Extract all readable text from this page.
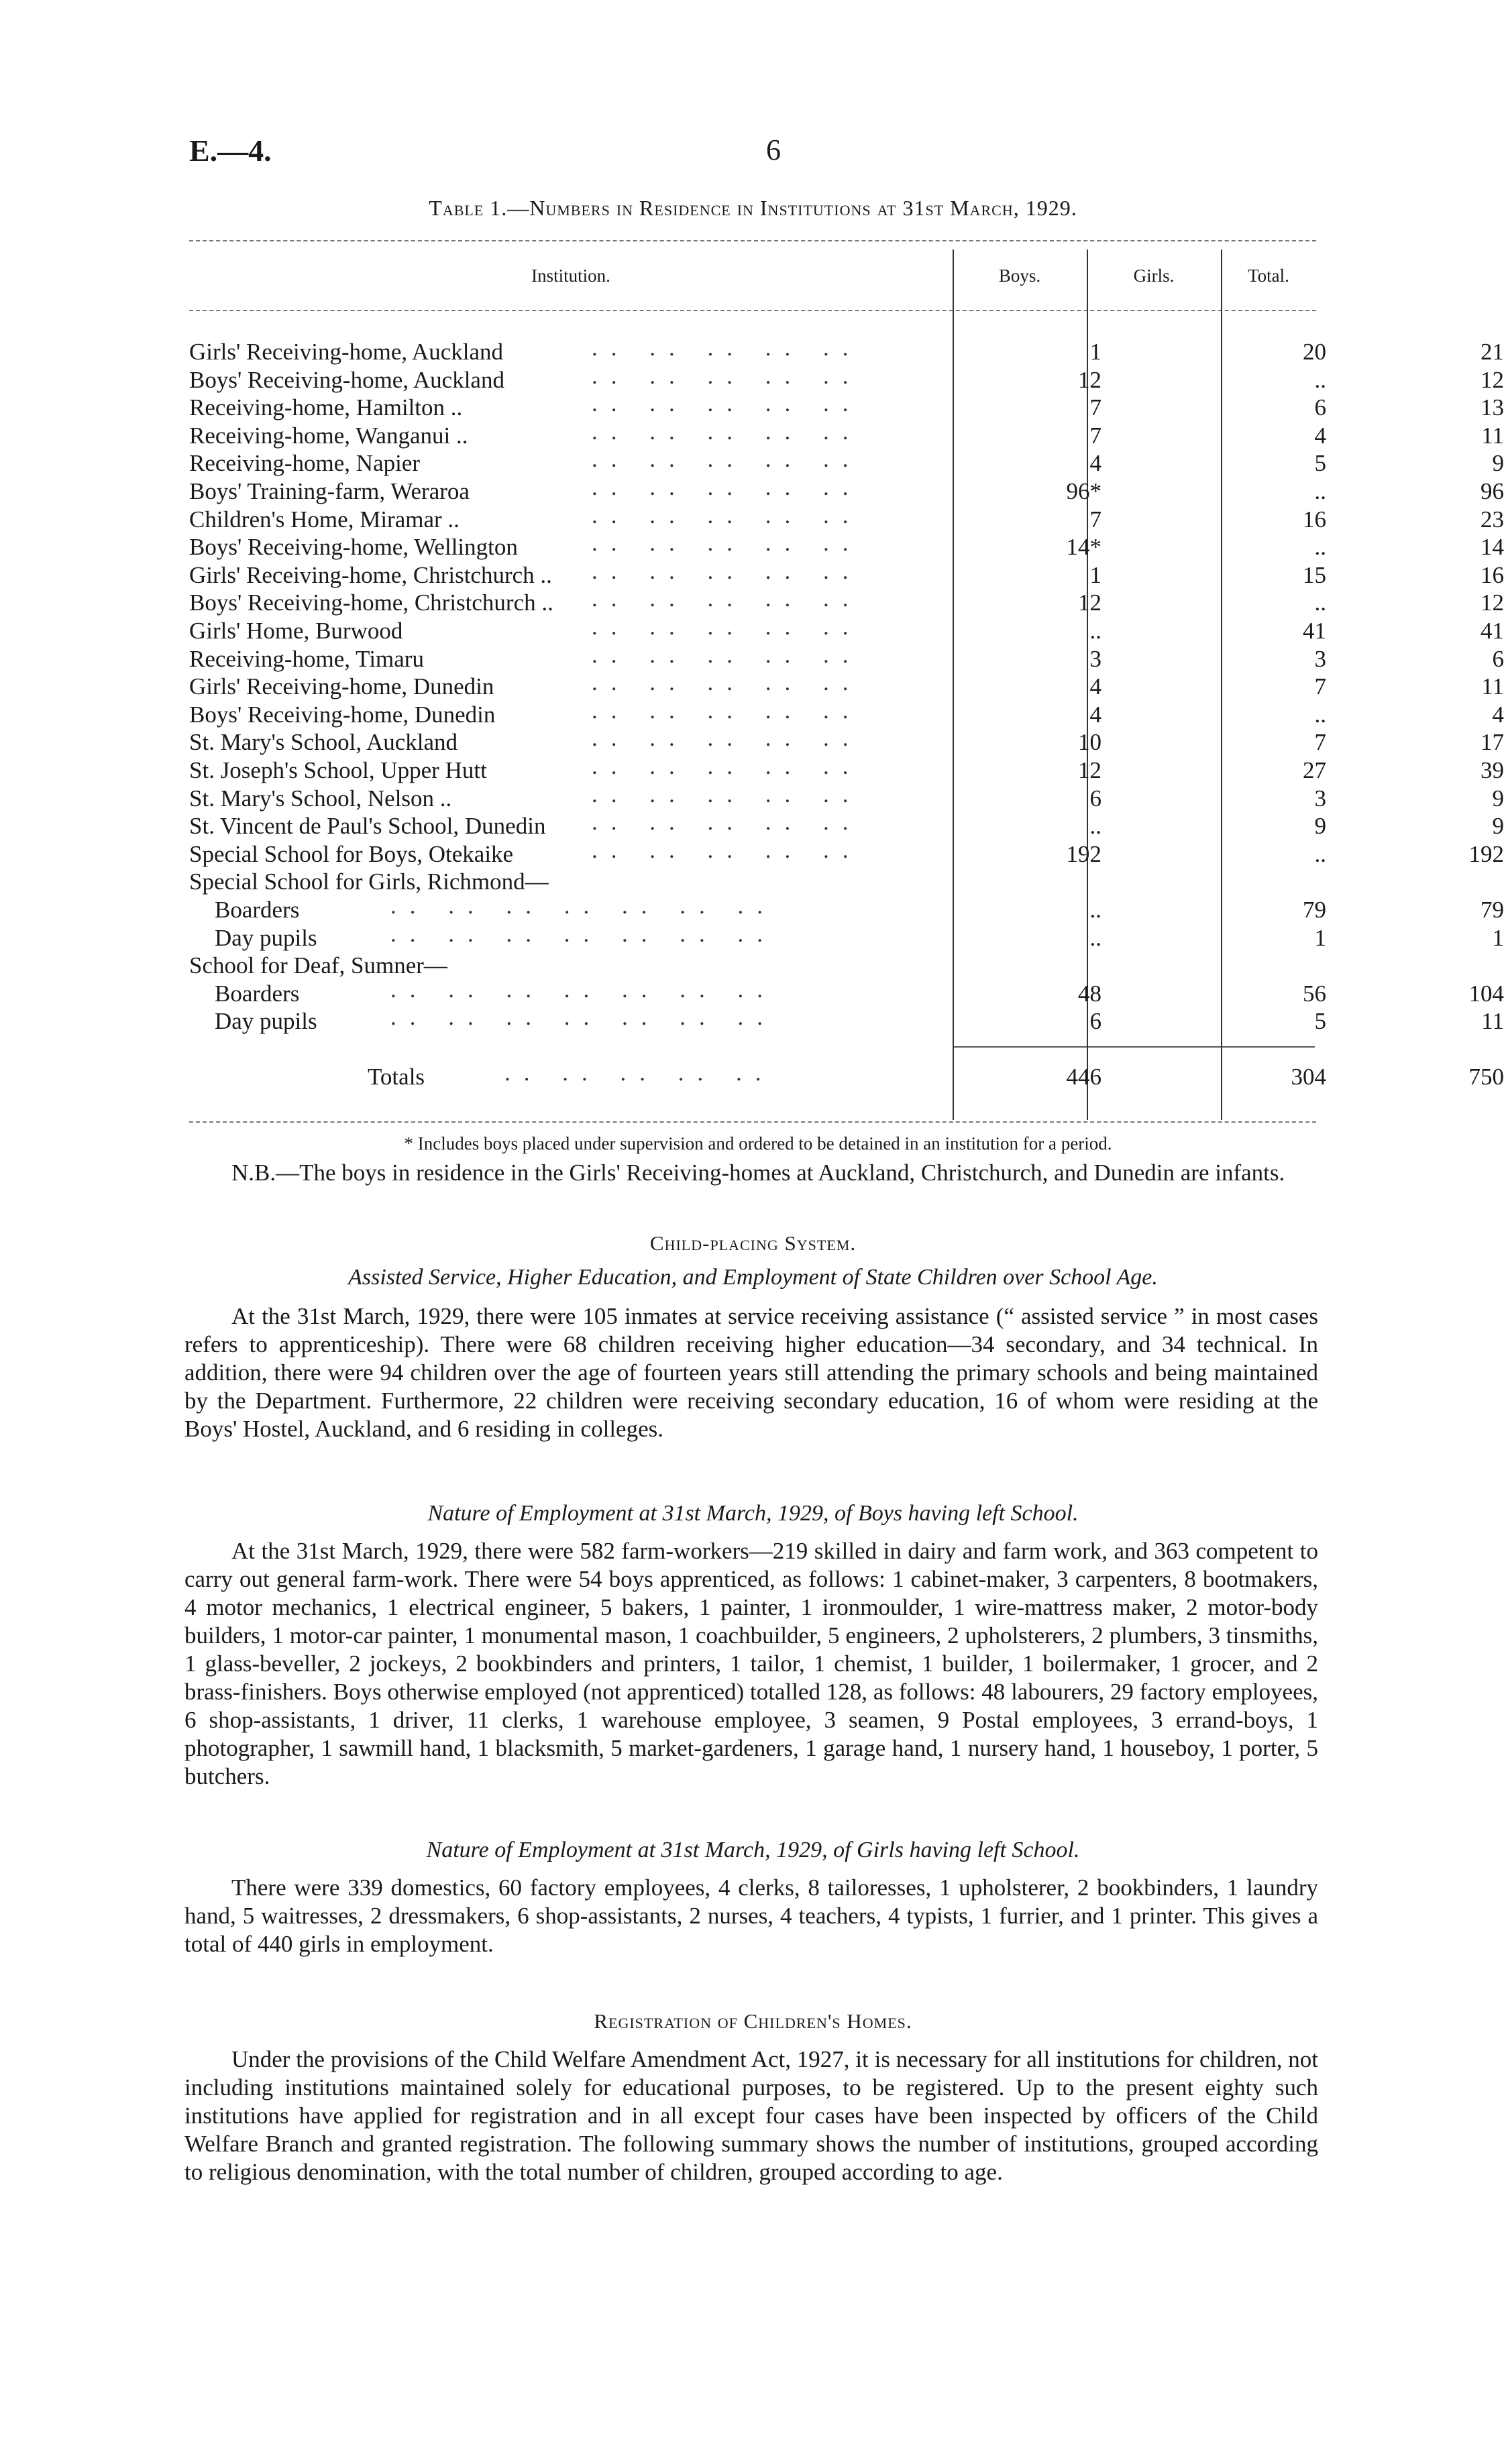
E.—4.	6
Table 1.—Numbers in Residence in Institutions at 31st March, 1929.
Institution.	Boys.	Girls.	Total.
.. .. .. .. ..
Girls' Receiving-home, Auckland	1	20	21
.. .. .. .. ..
Boys' Receiving-home, Auckland	12	..	12
.. .. .. .. ..
Receiving-home, Hamilton ..	7	6	13
.. .. .. .. ..
Receiving-home, Wanganui ..	7	4	11
.. .. .. .. ..
Receiving-home, Napier	4	5	9
.. .. .. .. ..
Boys' Training-farm, Weraroa	96*	..	96
.. .. .. .. ..
Children's Home, Miramar ..	7	16	23
.. .. .. .. ..
Boys' Receiving-home, Wellington	14*	..	14
.. .. .. .. ..
Girls' Receiving-home, Christchurch ..	1	15	16
.. .. .. .. ..
Boys' Receiving-home, Christchurch ..	12	..	12
.. .. .. .. ..
Girls' Home, Burwood	..	41	41
.. .. .. .. ..
Receiving-home, Timaru	3	3	6
.. .. .. .. ..
Girls' Receiving-home, Dunedin	4	7	11
.. .. .. .. ..
Boys' Receiving-home, Dunedin	4	..	4
.. .. .. .. ..
St. Mary's School, Auckland	10	7	17
.. .. .. .. ..
St. Joseph's School, Upper Hutt	12	27	39
.. .. .. .. ..
St. Mary's School, Nelson ..	6	3	9
.. .. .. .. ..
St. Vincent de Paul's School, Dunedin	..	9	9
.. .. .. .. ..
Special School for Boys, Otekaike	192	..	192
Special School for Girls, Richmond—
.. .. .. .. .. .. ..
Boarders	..	79	79
.. .. .. .. .. .. ..
Day pupils	..	1	1
School for Deaf, Sumner—
.. .. .. .. .. .. ..
Boarders	48	56	104
.. .. .. .. .. .. ..
Day pupils	6	5	11
.. .. .. .. ..
Totals	446	304	750
* Includes boys placed under supervision and ordered to be detained in an institution for a period.
N.B.—The boys in residence in the Girls' Receiving-homes at Auckland, Christchurch, and Dunedin are infants.
Child-placing System.
Assisted Service, Higher Education, and Employment of State Children over School Age.
At the 31st March, 1929, there were 105 inmates at service receiving assistance (“ assisted service ” in most cases refers to apprenticeship). There were 68 children receiving higher education—34 secondary, and 34 technical. In addition, there were 94 children over the age of fourteen years still attending the primary schools and being maintained by the Department. Furthermore, 22 children were receiving secondary education, 16 of whom were residing at the Boys' Hostel, Auckland, and 6 residing in colleges.
Nature of Employment at 31st March, 1929, of Boys having left School.
At the 31st March, 1929, there were 582 farm-workers—219 skilled in dairy and farm work, and 363 competent to carry out general farm-work. There were 54 boys apprenticed, as follows: 1 cabinet-maker, 3 carpenters, 8 bootmakers, 4 motor mechanics, 1 electrical engineer, 5 bakers, 1 painter, 1 ironmoulder, 1 wire-mattress maker, 2 motor-body builders, 1 motor-car painter, 1 monumental mason, 1 coachbuilder, 5 engineers, 2 upholsterers, 2 plumbers, 3 tinsmiths, 1 glass-beveller, 2 jockeys, 2 bookbinders and printers, 1 tailor, 1 chemist, 1 builder, 1 boilermaker, 1 grocer, and 2 brass-finishers. Boys otherwise employed (not apprenticed) totalled 128, as follows: 48 labourers, 29 factory employees, 6 shop-assistants, 1 driver, 11 clerks, 1 warehouse employee, 3 seamen, 9 Postal employees, 3 errand-boys, 1 photographer, 1 sawmill hand, 1 blacksmith, 5 market-gardeners, 1 garage hand, 1 nursery hand, 1 houseboy, 1 porter, 5 butchers.
Nature of Employment at 31st March, 1929, of Girls having left School.
There were 339 domestics, 60 factory employees, 4 clerks, 8 tailoresses, 1 upholsterer, 2 bookbinders, 1 laundry hand, 5 waitresses, 2 dressmakers, 6 shop-assistants, 2 nurses, 4 teachers, 4 typists, 1 furrier, and 1 printer. This gives a total of 440 girls in employment.
Registration of Children's Homes.
Under the provisions of the Child Welfare Amendment Act, 1927, it is necessary for all institutions for children, not including institutions maintained solely for educational purposes, to be registered. Up to the present eighty such institutions have applied for registration and in all except four cases have been inspected by officers of the Child Welfare Branch and granted registration. The following summary shows the number of institutions, grouped according to religious denomination, with the total number of children, grouped according to age.
